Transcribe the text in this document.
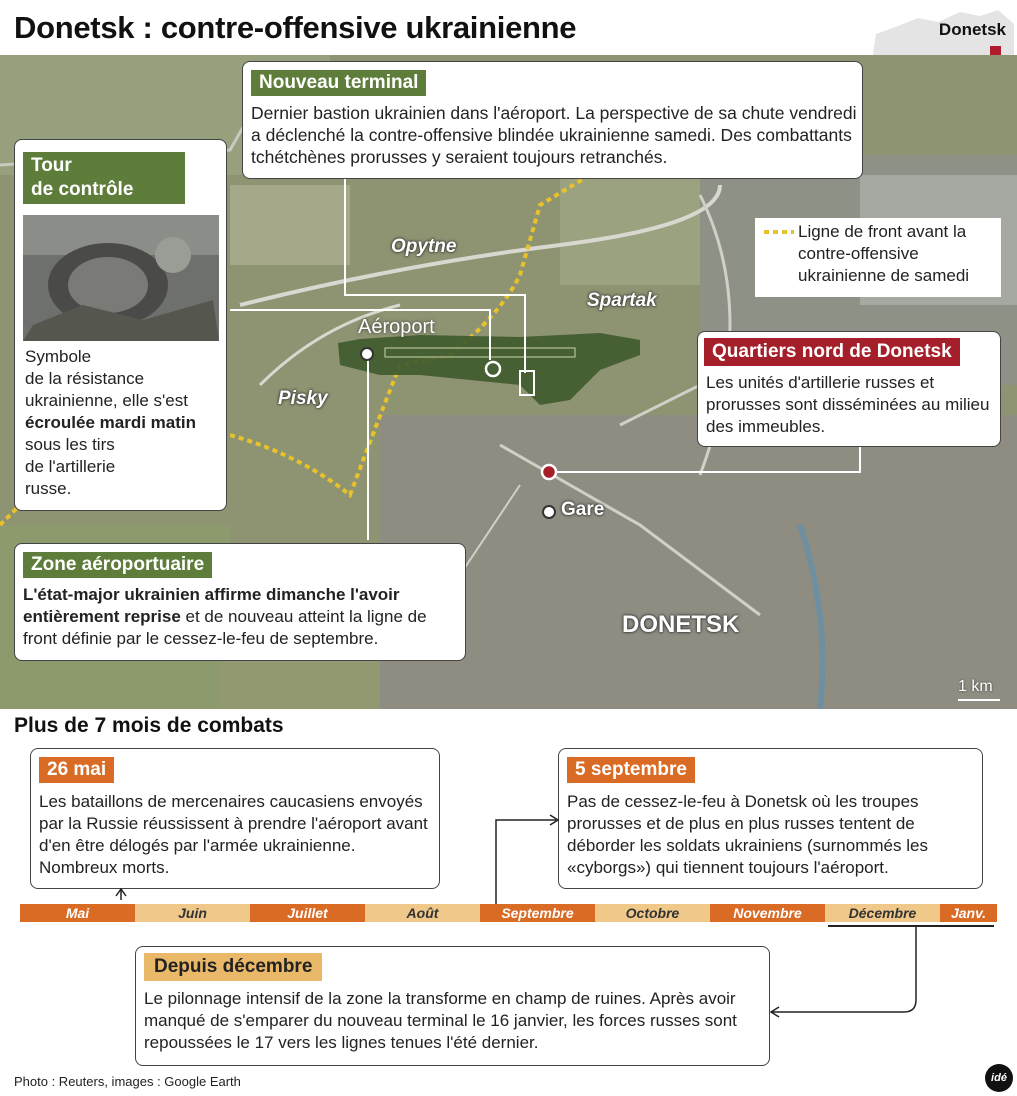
Donetsk : contre-offensive ukrainienne	Donetsk
Opytne
Spartak
Pisky
Aéroport
Gare
DONETSK
1 km
Ligne de front avant la contre-offensive ukrainienne de samedi
Tour
de contrôle
Symbole
de la résistance
ukrainienne, elle s'est
écroulée mardi matin
sous les tirs
de l'artillerie
russe.
Nouveau terminal
Dernier bastion ukrainien dans l'aéroport. La perspective de sa chute vendredi a déclenché la contre-offensive blindée ukrainienne samedi. Des combattants tchétchènes prorusses y seraient toujours retranchés.
Quartiers nord de Donetsk
Les unités d'artillerie russes et prorusses sont disséminées au milieu des immeubles.
Zone aéroportuaire
L'état-major ukrainien affirme dimanche l'avoir entièrement reprise et de nouveau atteint la ligne de front définie par le cessez-le-feu de septembre.
Plus de 7 mois de combats
26 mai
Les bataillons de mercenaires caucasiens envoyés par la Russie réussissent à prendre l'aéroport avant d'en être délogés par l'armée ukrainienne. Nombreux morts.
5 septembre
Pas de cessez-le-feu à Donetsk où les troupes prorusses et de plus en plus russes tentent de déborder les soldats ukrainiens (surnommés les «cyborgs») qui tiennent toujours l'aéroport.
Mai	Juin	Juillet	Août	Septembre	Octobre	Novembre	Décembre	Janv.
Depuis décembre
Le pilonnage intensif de la zone la transforme en champ de ruines. Après avoir manqué de s'emparer du nouveau terminal le 16 janvier, les forces russes sont repoussées le 17 vers les lignes tenues l'été dernier.
Photo : Reuters, images : Google Earth	idé
